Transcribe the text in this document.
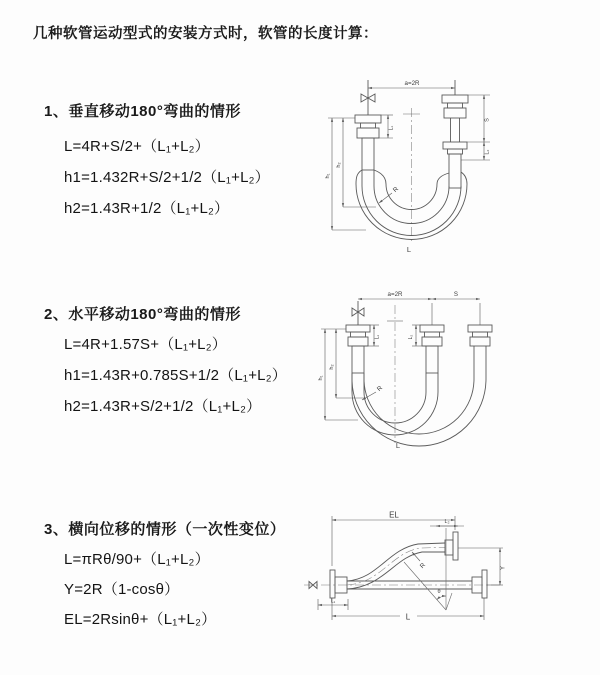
几种软管运动型式的安装方式时，软管的长度计算：
1、垂直移动180°弯曲的情形
L=4R+S/2+（L₁+L₂）
h1=1.432R+S/2+1/2（L₁+L₂）
h2=1.43R+1/2（L₁+L₂）
a=2R
h₁
h₂
L₁
S
L₂
R
L
2、水平移动180°弯曲的情形
L=4R+1.57S+（L₁+L₂）
h1=1.43R+0.785S+1/2（L₁+L₂）
h2=1.43R+S/2+1/2（L₁+L₂）
a=2R	S
h₁
h₂
L₁	L₂
R
L
3、横向位移的情形（一次性变位）
L=πRθ/90+（L₁+L₂）
Y=2R（1-cosθ）
EL=2Rsinθ+（L₁+L₂）
EL
L₂
Y
θ
R
L₁
L
